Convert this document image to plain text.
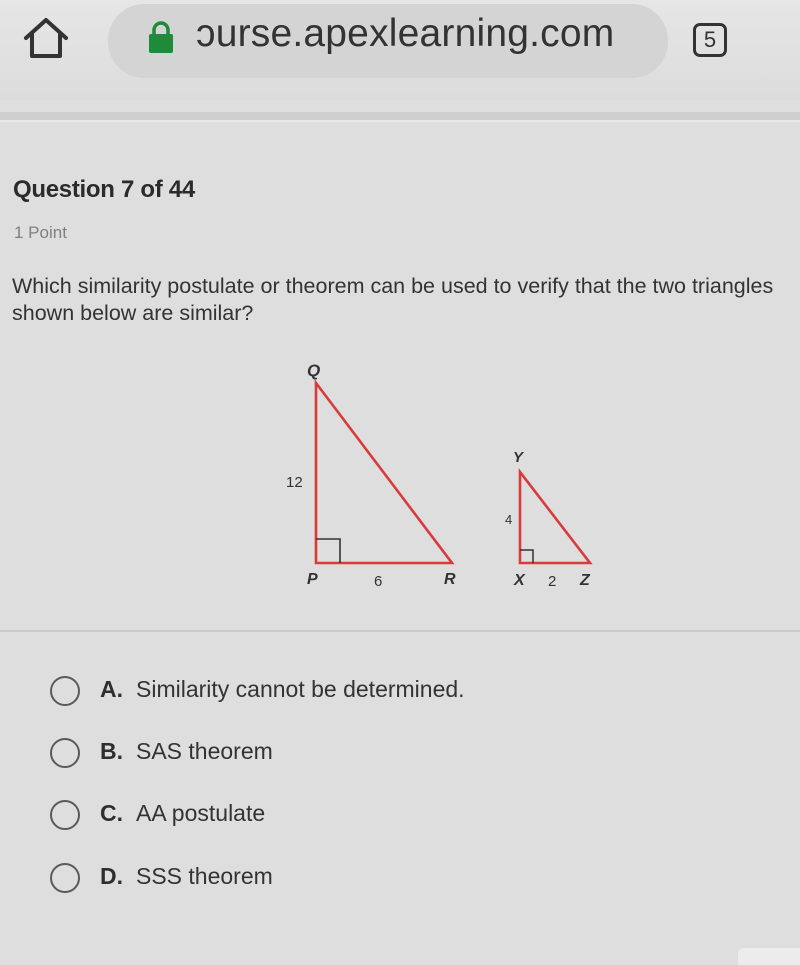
ɔurse.apexlearning.com	5
Question 7 of 44
1 Point
Which similarity postulate or theorem can be used to verify that the two triangles shown below are similar?
Q
P	R
12
6
Y
X	Z
4
2
A. Similarity cannot be determined.
B. SAS theorem
C. AA postulate
D. SSS theorem
